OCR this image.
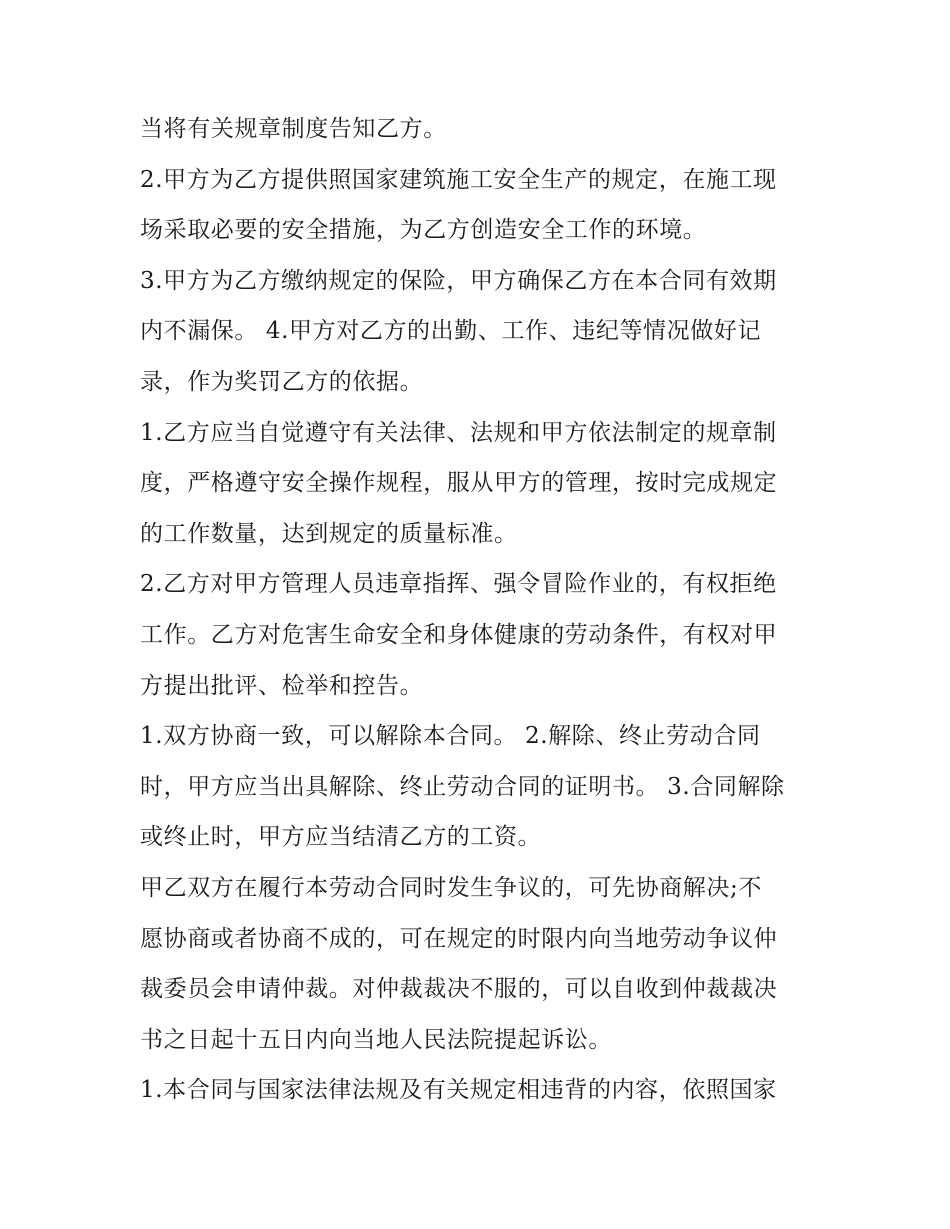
当将有关规章制度告知乙方。

2.甲方为乙方提供照国家建筑施工安全生产的规定，在施工现

场采取必要的安全措施，为乙方创造安全工作的环境。

3.甲方为乙方缴纳规定的保险，甲方确保乙方在本合同有效期

内不漏保。 4.甲方对乙方的出勤、工作、违纪等情况做好记

录，作为奖罚乙方的依据。

1.乙方应当自觉遵守有关法律、法规和甲方依法制定的规章制

度，严格遵守安全操作规程，服从甲方的管理，按时完成规定

的工作数量，达到规定的质量标准。

2.乙方对甲方管理人员违章指挥、强令冒险作业的，有权拒绝

工作。乙方对危害生命安全和身体健康的劳动条件，有权对甲

方提出批评、检举和控告。

1.双方协商一致，可以解除本合同。 2.解除、终止劳动合同

时，甲方应当出具解除、终止劳动合同的证明书。 3.合同解除

或终止时，甲方应当结清乙方的工资。

甲乙双方在履行本劳动合同时发生争议的，可先协商解决;不

愿协商或者协商不成的，可在规定的时限内向当地劳动争议仲

裁委员会申请仲裁。对仲裁裁决不服的，可以自收到仲裁裁决

书之日起十五日内向当地人民法院提起诉讼。

1.本合同与国家法律法规及有关规定相违背的内容，依照国家
